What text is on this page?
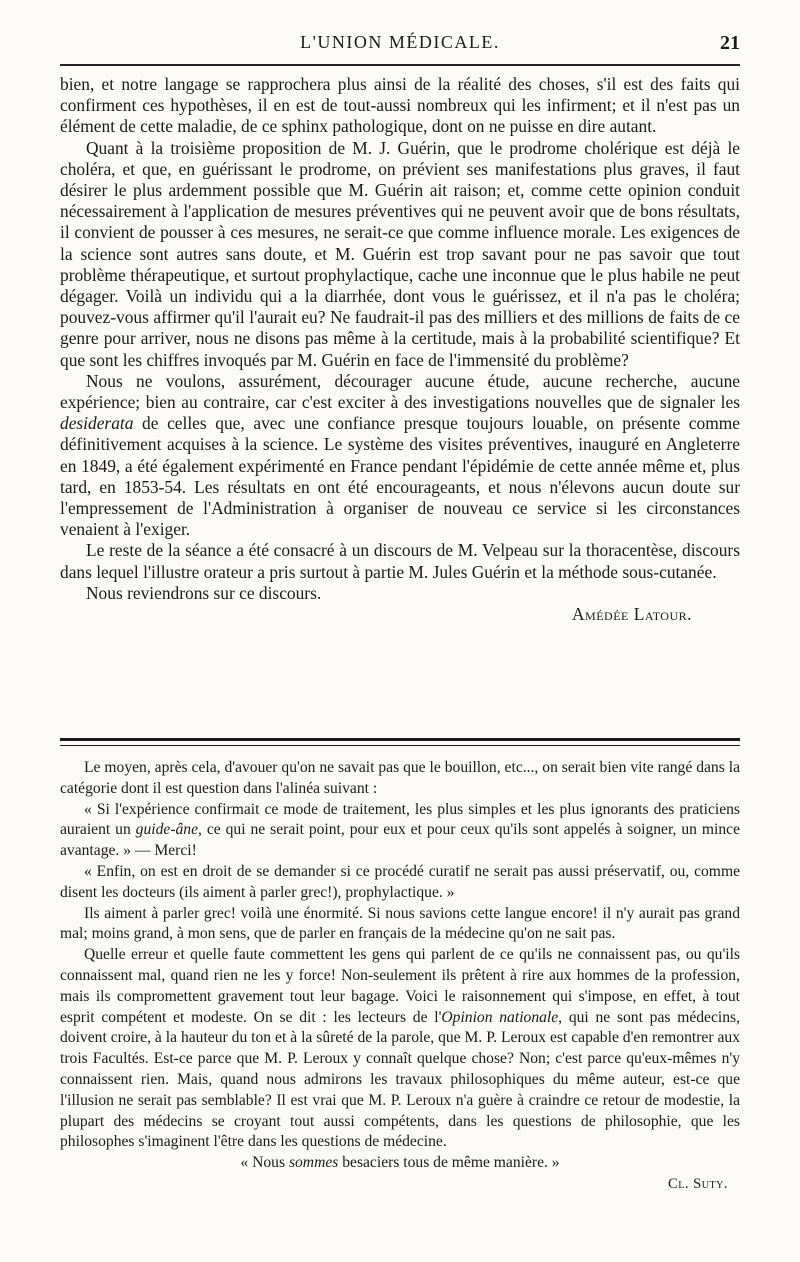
L'UNION MÉDICALE.	21

bien, et notre langage se rapprochera plus ainsi de la réalité des choses, s'il est des faits qui confirment ces hypothèses, il en est de tout-aussi nombreux qui les infirment; et il n'est pas un élément de cette maladie, de ce sphinx pathologique, dont on ne puisse en dire autant.

Quant à la troisième proposition de M. J. Guérin, que le prodrome cholérique est déjà le choléra, et que, en guérissant le prodrome, on prévient ses manifestations plus graves, il faut désirer le plus ardemment possible que M. Guérin ait raison; et, comme cette opinion conduit nécessairement à l'application de mesures préventives qui ne peuvent avoir que de bons résultats, il convient de pousser à ces mesures, ne serait-ce que comme influence morale. Les exigences de la science sont autres sans doute, et M. Guérin est trop savant pour ne pas savoir que tout problème thérapeutique, et surtout prophylactique, cache une inconnue que le plus habile ne peut dégager. Voilà un individu qui a la diarrhée, dont vous le guérissez, et il n'a pas le choléra; pouvez-vous affirmer qu'il l'aurait eu? Ne faudrait-il pas des milliers et des millions de faits de ce genre pour arriver, nous ne disons pas même à la certitude, mais à la probabilité scientifique? Et que sont les chiffres invoqués par M. Guérin en face de l'immensité du problème?

Nous ne voulons, assurément, décourager aucune étude, aucune recherche, aucune expérience; bien au contraire, car c'est exciter à des investigations nouvelles que de signaler les desiderata de celles que, avec une confiance presque toujours louable, on présente comme définitivement acquises à la science. Le système des visites préventives, inauguré en Angleterre en 1849, a été également expérimenté en France pendant l'épidémie de cette année même et, plus tard, en 1853-54. Les résultats en ont été encourageants, et nous n'élevons aucun doute sur l'empressement de l'Administration à organiser de nouveau ce service si les circonstances venaient à l'exiger.

Le reste de la séance a été consacré à un discours de M. Velpeau sur la thoracentèse, discours dans lequel l'illustre orateur a pris surtout à partie M. Jules Guérin et la méthode sous-cutanée.

Nous reviendrons sur ce discours.

Amédée Latour.

Le moyen, après cela, d'avouer qu'on ne savait pas que le bouillon, etc..., on serait bien vite rangé dans la catégorie dont il est question dans l'alinéa suivant :

« Si l'expérience confirmait ce mode de traitement, les plus simples et les plus ignorants des praticiens auraient un guide-âne, ce qui ne serait point, pour eux et pour ceux qu'ils sont appelés à soigner, un mince avantage. » — Merci!

« Enfin, on est en droit de se demander si ce procédé curatif ne serait pas aussi préservatif, ou, comme disent les docteurs (ils aiment à parler grec!), prophylactique. »

Ils aiment à parler grec! voilà une énormité. Si nous savions cette langue encore! il n'y aurait pas grand mal; moins grand, à mon sens, que de parler en français de la médecine qu'on ne sait pas.

Quelle erreur et quelle faute commettent les gens qui parlent de ce qu'ils ne connaissent pas, ou qu'ils connaissent mal, quand rien ne les y force! Non-seulement ils prêtent à rire aux hommes de la profession, mais ils compromettent gravement tout leur bagage. Voici le raisonnement qui s'impose, en effet, à tout esprit compétent et modeste. On se dit : les lecteurs de l'Opinion nationale, qui ne sont pas médecins, doivent croire, à la hauteur du ton et à la sûreté de la parole, que M. P. Leroux est capable d'en remontrer aux trois Facultés. Est-ce parce que M. P. Leroux y connaît quelque chose? Non; c'est parce qu'eux-mêmes n'y connaissent rien. Mais, quand nous admirons les travaux philosophiques du même auteur, est-ce que l'illusion ne serait pas semblable? Il est vrai que M. P. Leroux n'a guère à craindre ce retour de modestie, la plupart des médecins se croyant tout aussi compétents, dans les questions de philosophie, que les philosophes s'imaginent l'être dans les questions de médecine.

« Nous sommes besaciers tous de même manière. »

Cl. Suty.
